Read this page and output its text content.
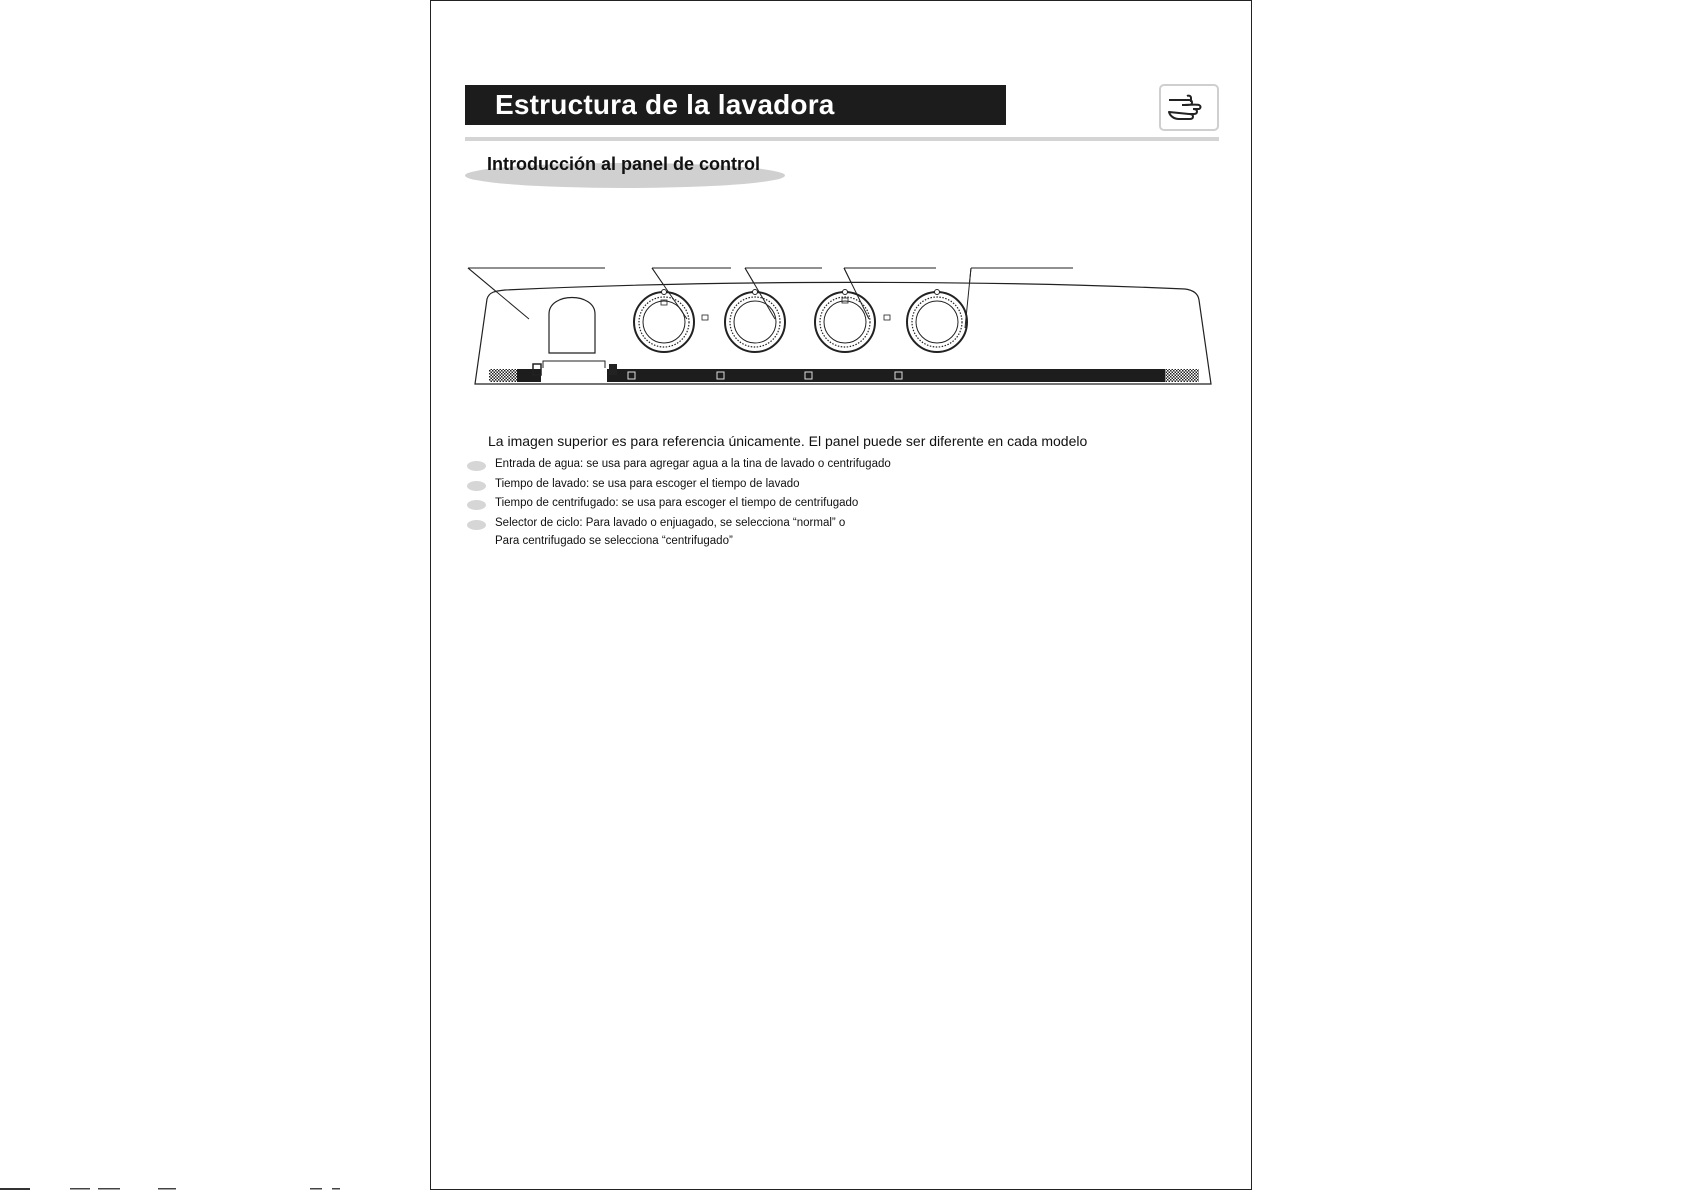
Estructura de la lavadora
Introducción al panel de control
La imagen superior es para referencia únicamente. El panel puede ser diferente en cada modelo
Entrada de agua: se usa para agregar agua a la tina de lavado o centrifugado
Tiempo de lavado: se usa para escoger el tiempo de lavado
Tiempo de centrifugado: se usa para escoger el tiempo de centrifugado
Selector de ciclo: Para lavado o enjuagado, se selecciona “normal” o
Para centrifugado se selecciona “centrifugado”
